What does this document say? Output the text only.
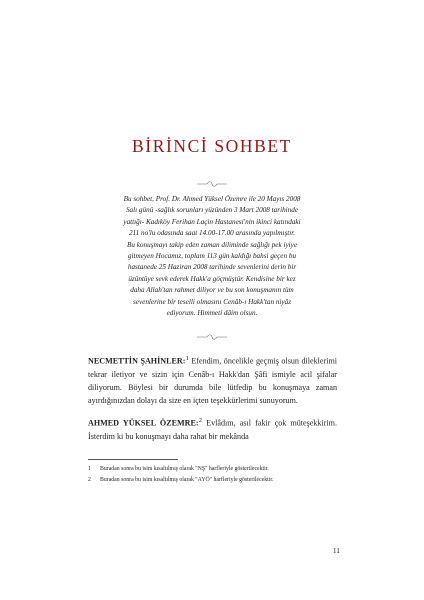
BİRİNCİ SOHBET
Bu sohbet, Prof. Dr. Ahmed Yüksel Özemre ile 20 Mayıs 2008
Salı günü -sağlık sorunları yüzünden 3 Mart 2008 tarihinde
yattığı- Kadıköy Ferihan Laçin Hastanesi'nin ikinci katındaki
211 no'lu odasında saat 14.00-17.00 arasında yapılmıştır.
Bu konuşmayı takip eden zaman diliminde sağlığı pek iyiye
gitmeyen Hocamız, toplam 113 gün kaldığı bahsi geçen bu
hastanede 25 Haziran 2008 tarihinde sevenlerini derin bir
üzüntüye sevk ederek Hakk'a göçmüştür. Kendisine bir kez
daha Allah'tan rahmet diliyor ve bu son konuşmanın tüm
sevenlerine bir teselli olmasını Cenâb-ı Hakk'tan niyâz
ediyorum. Himmeti dâim olsun.

NECMETTİN ŞAHİNLER:$^1$ Efendim, öncelikle geçmiş olsun dileklerimi tekrar iletiyor ve sizin için Cenâb-ı Hakk'dan Şâfi ismiyle acil şifalar diliyorum. Böylesi bir durumda bile lütfedip bu konuşmaya zaman ayırdığınızdan dolayı da size en içten teşekkürlerimi sunuyorum.

AHMED YÜKSEL ÖZEMRE:$^2$ Evlâdım, asıl fakir çok müteşekkirim. İsterdim ki bu konuşmayı daha rahat bir mekânda

1	Buradan sonra bu isim kısaltılmış olarak "NŞ" harfleriyle gösterilecektir.
2	Buradan sonra bu isim kısaltılmış olarak "AYÖ" harfleriyle gösterilecektir.
11
